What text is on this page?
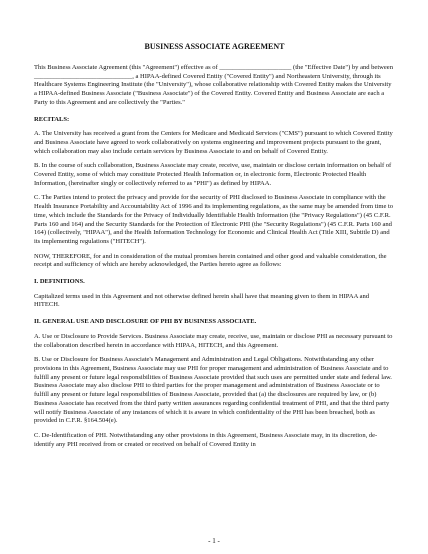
BUSINESS ASSOCIATE AGREEMENT

This Business Associate Agreement (this "Agreement") effective as of ______________________ (the "Effective Date") by and between ______________________________, a HIPAA-defined Covered Entity ("Covered Entity") and Northeastern University, through its Healthcare Systems Engineering Institute (the "University"), whose collaborative relationship with Covered Entity makes the University a HIPAA-defined Business Associate ("Business Associate") of the Covered Entity. Covered Entity and Business Associate are each a Party to this Agreement and are collectively the "Parties."

RECITALS:

A. The University has received a grant from the Centers for Medicare and Medicaid Services ("CMS") pursuant to which Covered Entity and Business Associate have agreed to work collaboratively on systems engineering and improvement projects pursuant to the grant, which collaboration may also include certain services by Business Associate to and on behalf of Covered Entity.

B. In the course of such collaboration, Business Associate may create, receive, use, maintain or disclose certain information on behalf of Covered Entity, some of which may constitute Protected Health Information or, in electronic form, Electronic Protected Health Information, (hereinafter singly or collectively referred to as "PHI") as defined by HIPAA.

C. The Parties intend to protect the privacy and provide for the security of PHI disclosed to Business Associate in compliance with the Health Insurance Portability and Accountability Act of 1996 and its implementing regulations, as the same may be amended from time to time, which include the Standards for the Privacy of Individually Identifiable Health Information (the "Privacy Regulations") (45 C.F.R. Parts 160 and 164) and the Security Standards for the Protection of Electronic PHI (the "Security Regulations") (45 C.F.R. Parts 160 and 164) (collectively, "HIPAA"), and the Health Information Technology for Economic and Clinical Health Act (Title XIII, Subtitle D) and its implementing regulations ("HITECH").

NOW, THEREFORE, for and in consideration of the mutual promises herein contained and other good and valuable consideration, the receipt and sufficiency of which are hereby acknowledged, the Parties hereto agree as follows:

I. DEFINITIONS.

Capitalized terms used in this Agreement and not otherwise defined herein shall have that meaning given to them in HIPAA and HITECH.

II. GENERAL USE AND DISCLOSURE OF PHI BY BUSINESS ASSOCIATE.

A. Use or Disclosure to Provide Services. Business Associate may create, receive, use, maintain or disclose PHI as necessary pursuant to the collaboration described herein in accordance with HIPAA, HITECH, and this Agreement.

B. Use or Disclosure for Business Associate's Management and Administration and Legal Obligations. Notwithstanding any other provisions in this Agreement, Business Associate may use PHI for proper management and administration of Business Associate and to fulfill any present or future legal responsibilities of Business Associate provided that such uses are permitted under state and federal law. Business Associate may also disclose PHI to third parties for the proper management and administration of Business Associate or to fulfill any present or future legal responsibilities of Business Associate, provided that (a) the disclosures are required by law, or (b) Business Associate has received from the third party written assurances regarding confidential treatment of PHI, and that the third party will notify Business Associate of any instances of which it is aware in which confidentiality of the PHI has been breached, both as provided in C.F.R. §164.504(e).

C. De-Identification of PHI. Notwithstanding any other provisions in this Agreement, Business Associate may, in its discretion, de-identify any PHI received from or created or received on behalf of Covered Entity in

- 1 -
